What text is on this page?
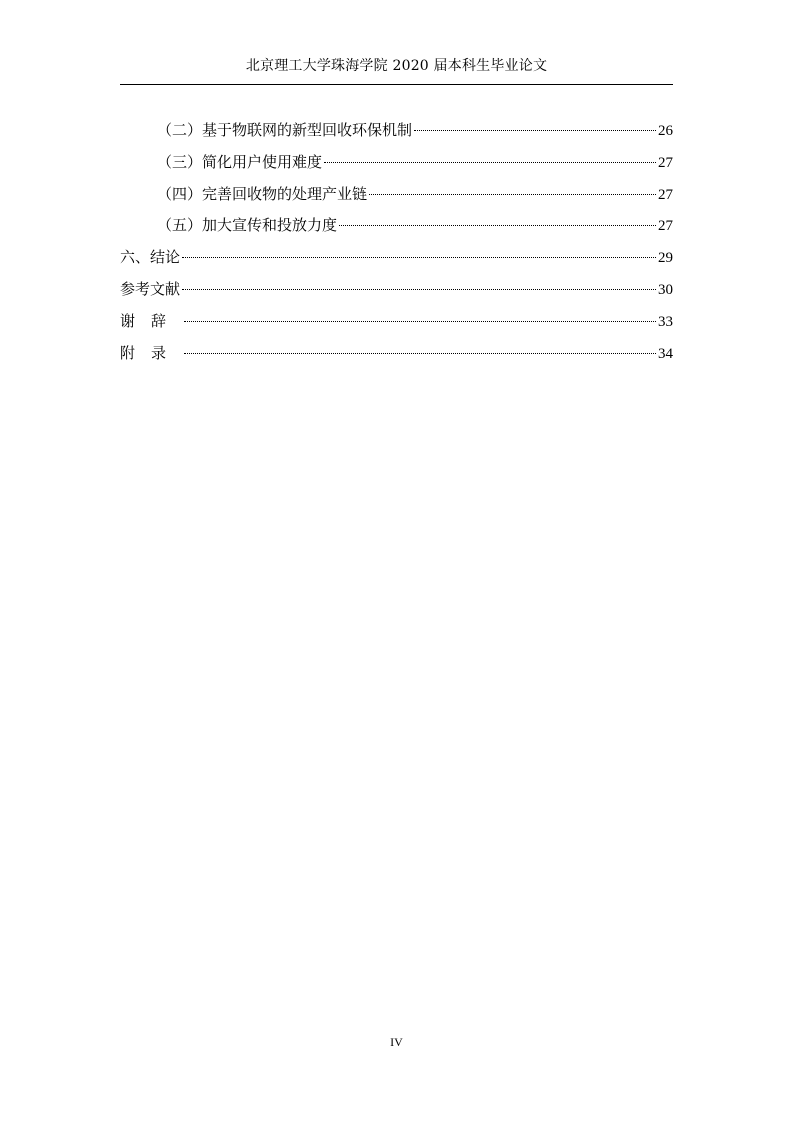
北京理工大学珠海学院 2020 届本科生毕业论文
（二）基于物联网的新型回收环保机制	26
（三）简化用户使用难度	27
（四）完善回收物的处理产业链	27
（五）加大宣传和投放力度	27
六、结论	29
参考文献	30
谢辞	33
附录	34
IV
